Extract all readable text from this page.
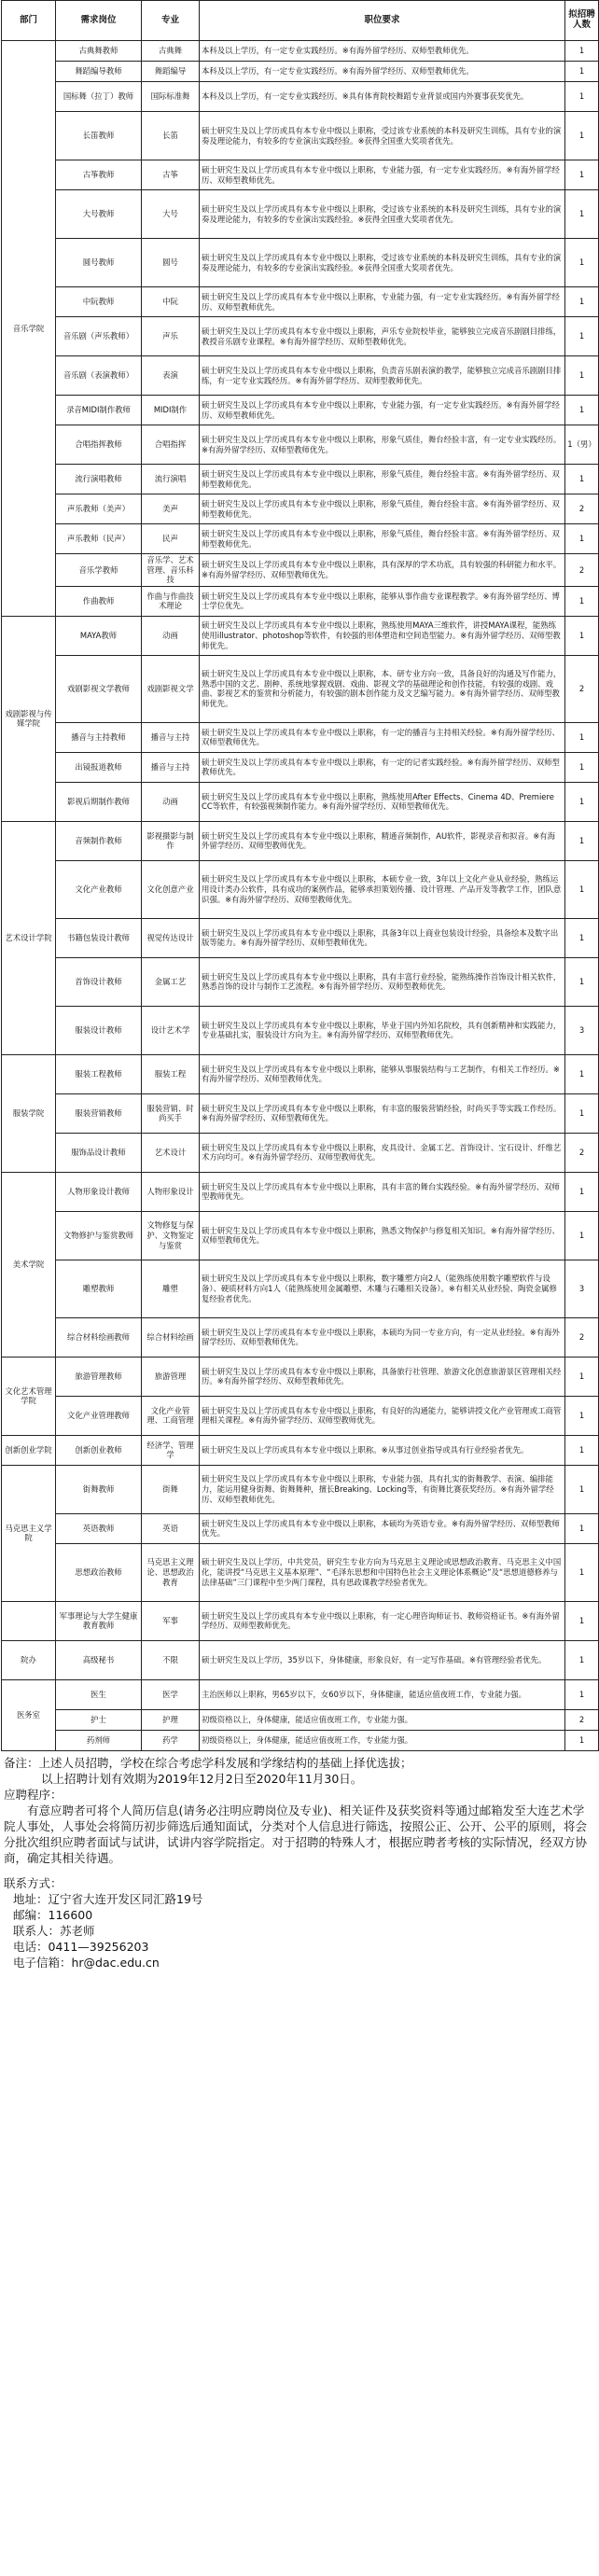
部门	需求岗位	专业	职位要求	拟招聘人数
音乐学院	古典舞教师	古典舞	本科及以上学历，有一定专业实践经历。※有海外留学经历、双师型教师优先。	1
	舞蹈编导教师	舞蹈编导	本科及以上学历，有一定专业实践经历。※有海外留学经历、双师型教师优先。	1
	国标舞（拉丁）教师	国际标准舞	本科及以上学历，有一定专业实践经历。※具有体育院校舞蹈专业背景或国内外赛事获奖优先。	1
	长笛教师	长笛	硕士研究生及以上学历或具有本专业中级以上职称，受过该专业系统的本科及研究生训练，具有专业的演奏及理论能力，有较多的专业演出实践经验。※获得全国重大奖项者优先。	1
	古筝教师	古筝	硕士研究生及以上学历或具有本专业中级以上职称，专业能力强，有一定专业实践经历。※有海外留学经历、双师型教师优先。	1
	大号教师	大号	硕士研究生及以上学历或具有本专业中级以上职称，受过该专业系统的本科及研究生训练，具有专业的演奏及理论能力，有较多的专业演出实践经验。※获得全国重大奖项者优先。	1
	圆号教师	圆号	硕士研究生及以上学历或具有本专业中级以上职称，受过该专业系统的本科及研究生训练，具有专业的演奏及理论能力，有较多的专业演出实践经验。※获得全国重大奖项者优先。	1
	中阮教师	中阮	硕士研究生及以上学历或具有本专业中级以上职称，专业能力强，有一定专业实践经历。※有海外留学经历、双师型教师优先。	1
	音乐剧（声乐教师）	声乐	硕士研究生及以上学历或具有本专业中级以上职称，声乐专业院校毕业，能够独立完成音乐剧剧目排练，教授音乐剧专业课程。※有海外留学经历、双师型教师优先。	1
	音乐剧（表演教师）	表演	硕士研究生及以上学历或具有本专业中级以上职称，负责音乐剧表演的教学，能够独立完成音乐剧剧目排练，有一定专业实践经历。※有海外留学经历、双师型教师优先。	1
	录音MIDI制作教师	MIDI制作	硕士研究生及以上学历或具有本专业中级以上职称，专业能力强，有一定专业实践经历。※有海外留学经历、双师型教师优先。	1
	合唱指挥教师	合唱指挥	硕士研究生及以上学历或具有本专业中级以上职称，形象气质佳，舞台经验丰富，有一定专业实践经历。※有海外留学经历、双师型教师优先。	1（男）
	流行演唱教师	流行演唱	硕士研究生及以上学历或具有本专业中级以上职称，形象气质佳，舞台经验丰富。※有海外留学经历、双师型教师优先。	1
	声乐教师（美声）	美声	硕士研究生及以上学历或具有本专业中级以上职称，形象气质佳，舞台经验丰富。※有海外留学经历、双师型教师优先。	2
	声乐教师（民声）	民声	硕士研究生及以上学历或具有本专业中级以上职称，形象气质佳，舞台经验丰富。※有海外留学经历、双师型教师优先。	1
	音乐学教师	音乐学、艺术管理、音乐科技	硕士研究生及以上学历或具有本专业中级以上职称，具有深厚的学术功底，具有较强的科研能力和水平。※有海外留学经历、双师型教师优先。	2
	作曲教师	作曲与作曲技术理论	硕士研究生及以上学历或具有本专业中级以上职称，能够从事作曲专业课程教学。※有海外留学经历、博士学位优先。	1
戏剧影视与传媒学院	MAYA教师	动画	硕士研究生及以上学历或具有本专业中级以上职称，熟练使用MAYA三维软件，讲授MAYA课程，能熟练使用illustrator、photoshop等软件，有较强的形体塑造和空间造型能力。※有海外留学经历、双师型教师优先。	1
	戏剧影视文学教师	戏剧影视文学	硕士研究生及以上学历或具有本专业中级以上职称，本、研专业方向一致，具备良好的沟通及写作能力，熟悉中国的文艺、剧种、系统地掌握戏剧、戏曲、影视文学的基础理论和创作技能，有较强的戏剧、戏曲、影视艺术的鉴赏和分析能力，有较强的剧本创作能力及文艺编写能力。※有海外留学经历、双师型教师优先。	2
	播音与主持教师	播音与主持	硕士研究生及以上学历或具有本专业中级以上职称，有一定的播音与主持相关经验。※有海外留学经历、双师型教师优先。	1
	出镜报道教师	播音与主持	硕士研究生及以上学历或具有本专业中级以上职称，有一定的记者实践经验。※有海外留学经历、双师型教师优先。	1
	影视后期制作教师	动画	硕士研究生及以上学历或具有本专业中级以上职称，熟练使用After Effects、Cinema 4D、Premiere CC等软件，有较强视频制作能力。※有海外留学经历、双师型教师优先。	1
艺术设计学院	音频制作教师	影视摄影与制作	硕士研究生及以上学历或具有本专业中级以上职称，精通音频制作，AU软件，影视录音和拟音。※有海外留学经历、双师型教师优先。	1
	文化产业教师	文化创意产业	硕士研究生及以上学历或具有本专业中级以上职称，本硕专业一致，3年以上文化产业从业经验，熟练运用设计类办公软件，具有成功的案例作品，能够承担策划传播、设计管理、产品开发等教学工作，团队意识强。※有海外留学经历、双师型教师优先。	1
	书籍包装设计教师	视觉传达设计	硕士研究生及以上学历或具有本专业中级以上职称，具备3年以上商业包装设计经验，具备绘本及数字出版等能力。※有海外留学经历、双师型教师优先。	1
	首饰设计教师	金属工艺	硕士研究生及以上学历或具有本专业中级以上职称，具有丰富行业经验，能熟练操作首饰设计相关软件，熟悉首饰的设计与制作工艺流程。※有海外留学经历、双师型教师优先。	1
	服装设计教师	设计艺术学	硕士研究生及以上学历或具有本专业中级以上职称，毕业于国内外知名院校，具有创新精神和实践能力，专业基础扎实，服装设计方向为主。※有海外留学经历、双师型教师优先。	3
服装学院	服装工程教师	服装工程	硕士研究生及以上学历或具有本专业中级以上职称，能够从事服装结构与工艺制作，有相关工作经历。※有海外留学经历、双师型教师优先。	1
	服装营销教师	服装营销、时尚买手	硕士研究生及以上学历或具有本专业中级以上职称，有丰富的服装营销经验，时尚买手等实践工作经历。※有海外留学经历、双师型教师优先。	1
	服饰品设计教师	艺术设计	硕士研究生及以上学历或具有本专业中级以上职称，皮具设计、金属工艺、首饰设计、宝石设计、纤维艺术方向均可。※有海外留学经历、双师型教师优先。	2
美术学院	人物形象设计教师	人物形象设计	硕士研究生及以上学历或具有本专业中级以上职称，具有丰富的舞台实践经验。※有海外留学经历、双师型教师优先。	1
	文物修护与鉴赏教师	文物修复与保护、文物鉴定与鉴赏	硕士研究生及以上学历或具有本专业中级以上职称，熟悉文物保护与修复相关知识。※有海外留学经历、双师型教师优先。	1
	雕塑教师	雕塑	硕士研究生及以上学历或具有本专业中级以上职称，数字雕塑方向2人（能熟练使用数字雕塑软件与设备）、硬质材料方向1人（能熟练使用金属雕塑、木雕与石雕相关设备）。※有相关从业经验、陶瓷金属修复经验者优先。	3
	综合材料绘画教师	综合材料绘画	硕士研究生及以上学历或具有本专业中级以上职称，本硕均为同一专业方向，有一定从业经验。※有海外留学经历、双师型教师优先。	2
文化艺术管理学院	旅游管理教师	旅游管理	硕士研究生及以上学历或具有本专业中级以上职称，具备旅行社管理、旅游文化创意旅游景区管理相关经历。※有海外留学经历、双师型教师优先。	1
	文化产业管理教师	文化产业管理、工商管理	硕士研究生及以上学历或具有本专业中级以上职称，有良好的沟通能力，能够讲授文化产业管理或工商管理相关课程。※有海外留学经历、双师型教师优先。	1
创新创业学院	创新创业教师	经济学、管理学	硕士研究生及以上学历或具有本专业中级以上职称。※从事过创业指导或具有行业经验者优先。	1
马克思主义学院	街舞教师	街舞	硕士研究生及以上学历或具有本专业中级以上职称，专业能力强，具有扎实的街舞教学、表演、编排能力，能运用健身街舞、街舞舞种，擅长Breaking、Locking等，有街舞比赛获奖经历。※有海外留学经历、双师型教师优先。	1
	英语教师	英语	硕士研究生及以上学历或具有本专业中级以上职称，本硕均为英语专业。※有海外留学经历、双师型教师优先。	1
	思想政治教师	马克思主义理论、思想政治教育	硕士研究生及以上学历，中共党员，研究生专业方向为马克思主义理论或思想政治教育、马克思主义中国化，能讲授“马克思主义基本原理”、“毛泽东思想和中国特色社会主义理论体系概论”及“思想道德修养与法律基础”三门课程中至少两门课程，具有思政课教学经验者优先。	1
	军事理论与大学生健康教育教师	军事	硕士研究生及以上学历或具有本专业中级以上职称，有一定心理咨询师证书、教师资格证书。※有海外留学经历、双师型教师优先。	1
院办	高级秘书	不限	硕士研究生及以上学历，35岁以下，身体健康，形象良好，有一定写作基础。※有管理经验者优先。	1
医务室	医生	医学	主治医师以上职称，男65岁以下，女60岁以下，身体健康，能适应值夜班工作，专业能力强。	1
	护士	护理	初级资格以上，身体健康，能适应值夜班工作，专业能力强。	2
	药剂师	药学	初级资格以上，身体健康，能适应值夜班工作，专业能力强。	1

备注：上述人员招聘，学校在综合考虑学科发展和学缘结构的基础上择优选拔；

以上招聘计划有效期为2019年12月2日至2020年11月30日。

应聘程序：

有意应聘者可将个人简历信息(请务必注明应聘岗位及专业)、相关证件及获奖资料等通过邮箱发至大连艺术学院人事处，人事处会将简历初步筛选后通知面试，分类对个人信息进行筛选，按照公正、公开、公平的原则，将会分批次组织应聘者面试与试讲，试讲内容学院指定。对于招聘的特殊人才，根据应聘者考核的实际情况，经双方协商，确定其相关待遇。

联系方式：

地址：辽宁省大连开发区同汇路19号

邮编：116600

联系人：苏老师

电话：0411—39256203

电子信箱：hr@dac.edu.cn
